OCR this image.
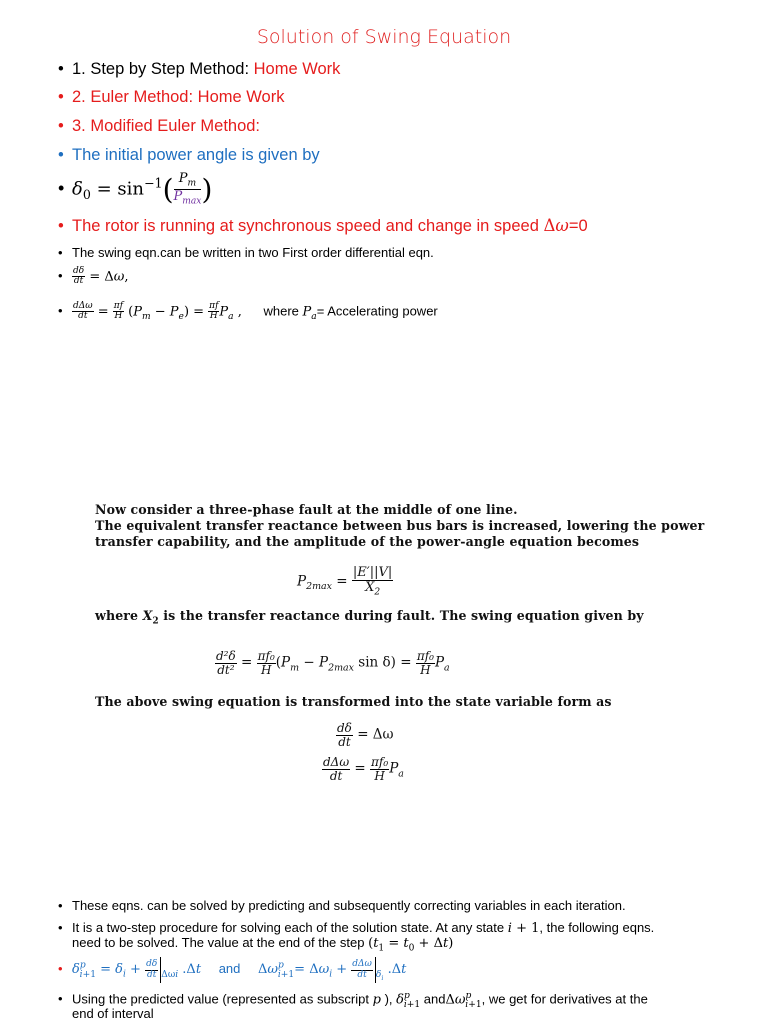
Solution of Swing Equation
• 1. Step by Step Method: Home Work
• 2. Euler Method: Home Work
• 3. Modified Euler Method:
• The initial power angle is given by
• $\delta_0 = \sin^{-1}( \frac{P_m}{P_{max}}$ )
• The rotor is running at synchronous speed and change in speed Δω=0
• The swing eqn.can be written in two First order differential eqn.
• $\frac{d\delta}{dt} = \Delta\omega$,
• $\frac{\text{dΔω}}{dt} = \frac{\pi f}{H} (P_m - P_e) = \frac{\pi f}{H} P_a$ , where $P_a=$ Accelerating power
Now consider a three-phase fault at the middle of one line.
The equivalent transfer reactance between bus bars is increased, lowering the power
transfer capability, and the amplitude of the power-angle equation becomes
$P_{2max} = \frac{|E'||V|}{X_2}$
where $X_2$ is the transfer reactance during fault. The swing equation given by
$\frac{\text{d²δ}}{\text{dt²}} = \frac{\text{πf₀}}{H} (P_m - P_{2max}$ $\sin \delta) = \frac{\text{πf₀}}{H} P_a$
The above swing equation is transformed into the state variable form as
$\frac{d\delta}{dt} = \Delta\omega$
$\frac{\text{dΔω}}{dt} = \frac{\text{πf₀}}{H} P_a$
• These eqns. can be solved by predicting and subsequently correcting variables in each iteration.
• It is a two-step procedure for solving each of the solution state. At any state i + 1, the following eqns.
need to be solved. The value at the end of the step $(t_1 = t_0 + \Delta t)$
• $\delta^p_{i+1} = \delta_i + \frac{d\delta}{dt} _{\Delta\omega i}$ .Δt and $\Delta\omega^p_{i+1}= \Delta\omega_i + \frac{\text{dΔω}}{dt} _{\delta_i}$ .Δt
• Using the predicted value (represented as subscript p ), $\delta^p_{i+1}$ andΔω$^p_{i+1}$, we get for derivatives at the
end of interval
